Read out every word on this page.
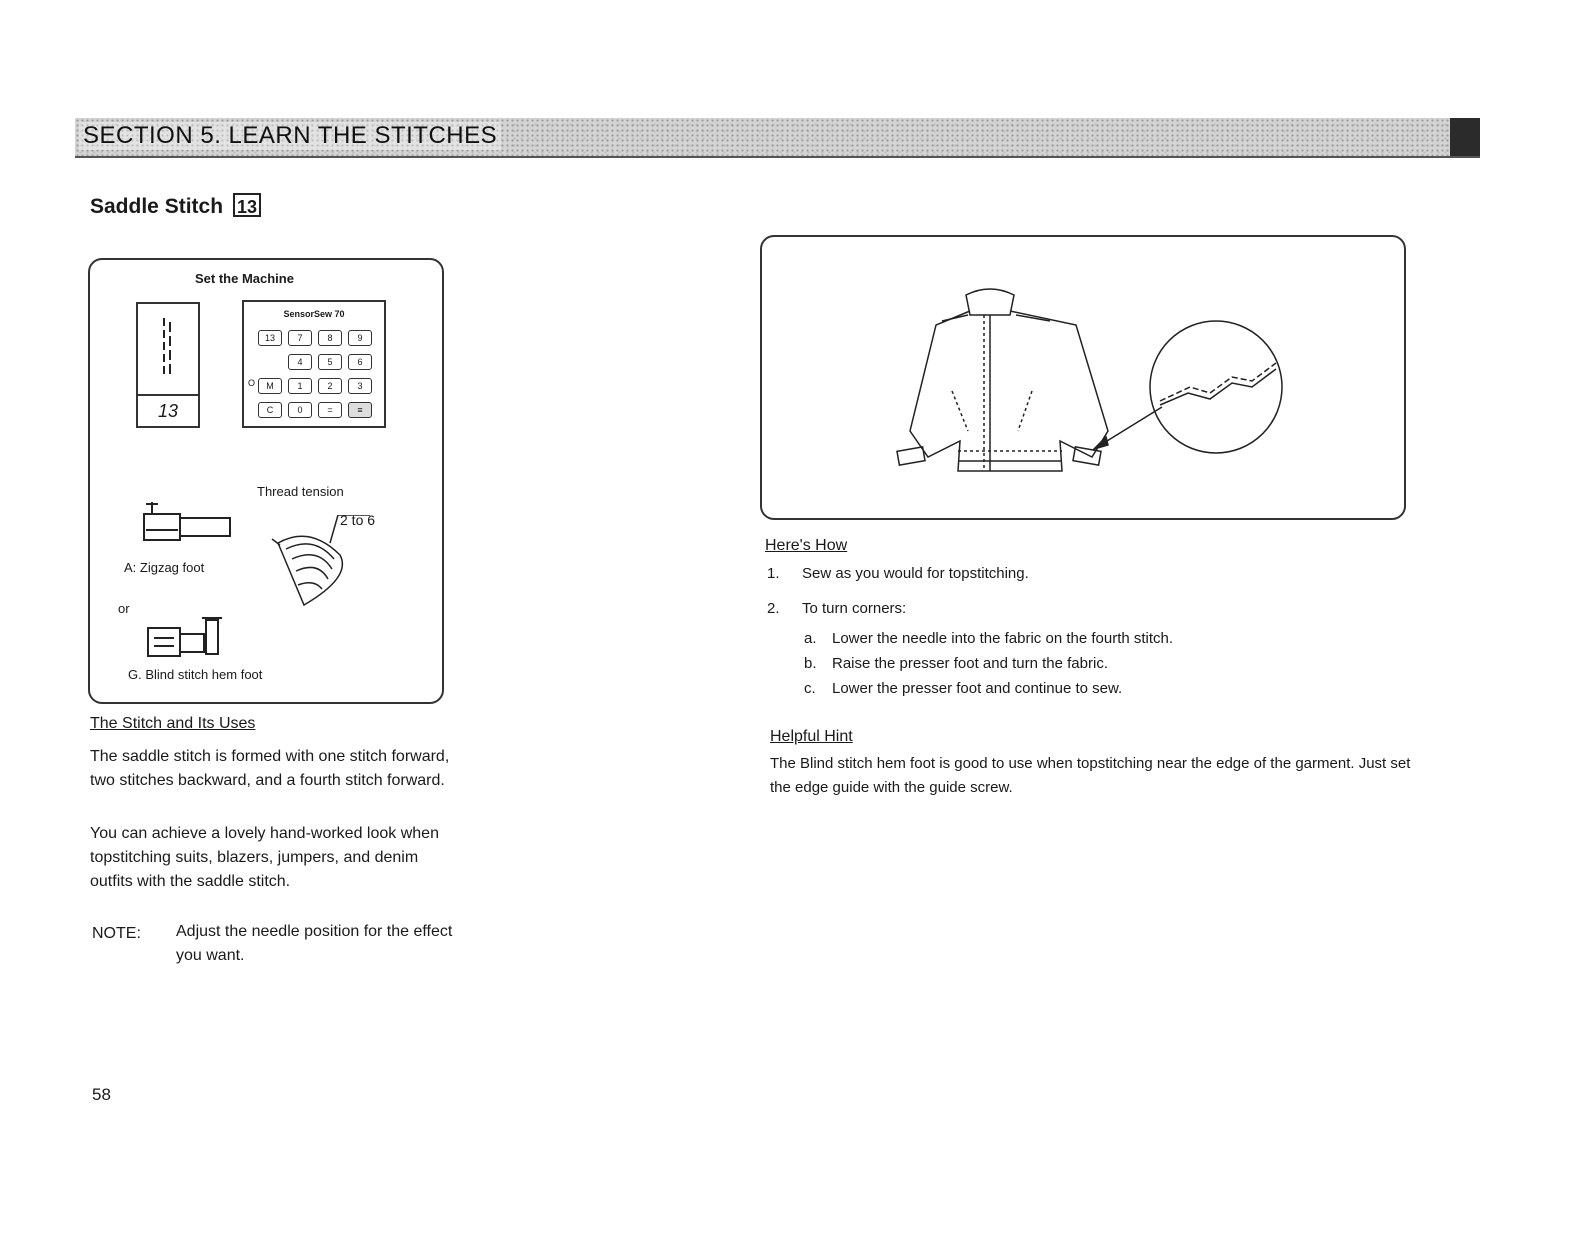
SECTION 5. LEARN THE STITCHES
Saddle Stitch 13
Set the Machine
13
SensorSew 70
13	7	8	9
4	5	6
O	M	1	2	3
C	0	=	≡
Thread tension
2 to 6
A: Zigzag foot
or
G. Blind stitch hem foot
The Stitch and Its Uses
The saddle stitch is formed with one stitch forward, two stitches backward, and a fourth stitch forward.
You can achieve a lovely hand-worked look when topstitching suits, blazers, jumpers, and denim outfits with the saddle stitch.
NOTE: Adjust the needle position for the effect you want.
Here's How
1. Sew as you would for topstitching.
2. To turn corners:
a. Lower the needle into the fabric on the fourth stitch.
b. Raise the presser foot and turn the fabric.
c. Lower the presser foot and continue to sew.
Helpful Hint
The Blind stitch hem foot is good to use when topstitching near the edge of the garment. Just set the edge guide with the guide screw.
58
